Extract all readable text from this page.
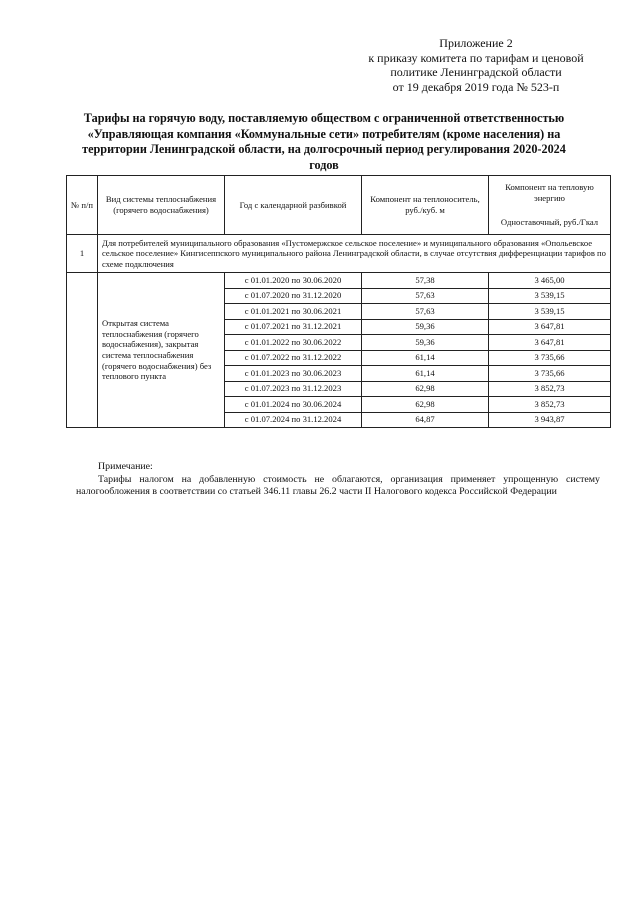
Приложение 2
к приказу комитета по тарифам и ценовой
политике Ленинградской области
от 19 декабря 2019 года № 523-п
Тарифы на горячую воду, поставляемую обществом с ограниченной ответственностью «Управляющая компания «Коммунальные сети» потребителям (кроме населения) на территории Ленинградской области, на долгосрочный период регулирования 2020-2024 годов
№ п/п	Вид системы теплоснабжения (горячего водоснабжения)	Год с календарной разбивкой	Компонент на теплоноситель, руб./куб. м	Компонент на тепловую энергию
Одноставочный, руб./Гкал
1	Для потребителей муниципального образования «Пустомержское сельское поселение» и муниципального образования «Опольевское сельское поселение» Кингисеппского муниципального района Ленинградской области, в случае отсутствия дифференциации тарифов по схеме подключения			
	Открытая система теплоснабжения (горячего водоснабжения), закрытая система теплоснабжения (горячего водоснабжения) без теплового пункта	с 01.01.2020 по 30.06.2020	57,38	3 465,00
		с 01.07.2020 по 31.12.2020	57,63	3 539,15
		с 01.01.2021 по 30.06.2021	57,63	3 539,15
		с 01.07.2021 по 31.12.2021	59,36	3 647,81
		с 01.01.2022 по 30.06.2022	59,36	3 647,81
		с 01.07.2022 по 31.12.2022	61,14	3 735,66
		с 01.01.2023 по 30.06.2023	61,14	3 735,66
		с 01.07.2023 по 31.12.2023	62,98	3 852,73
		с 01.01.2024 по 30.06.2024	62,98	3 852,73
		с 01.07.2024 по 31.12.2024	64,87	3 943,87
Примечание:
Тарифы налогом на добавленную стоимость не облагаются, организация применяет упрощенную систему налогообложения в соответствии со статьей 346.11 главы 26.2 части II Налогового кодекса Российской Федерации
